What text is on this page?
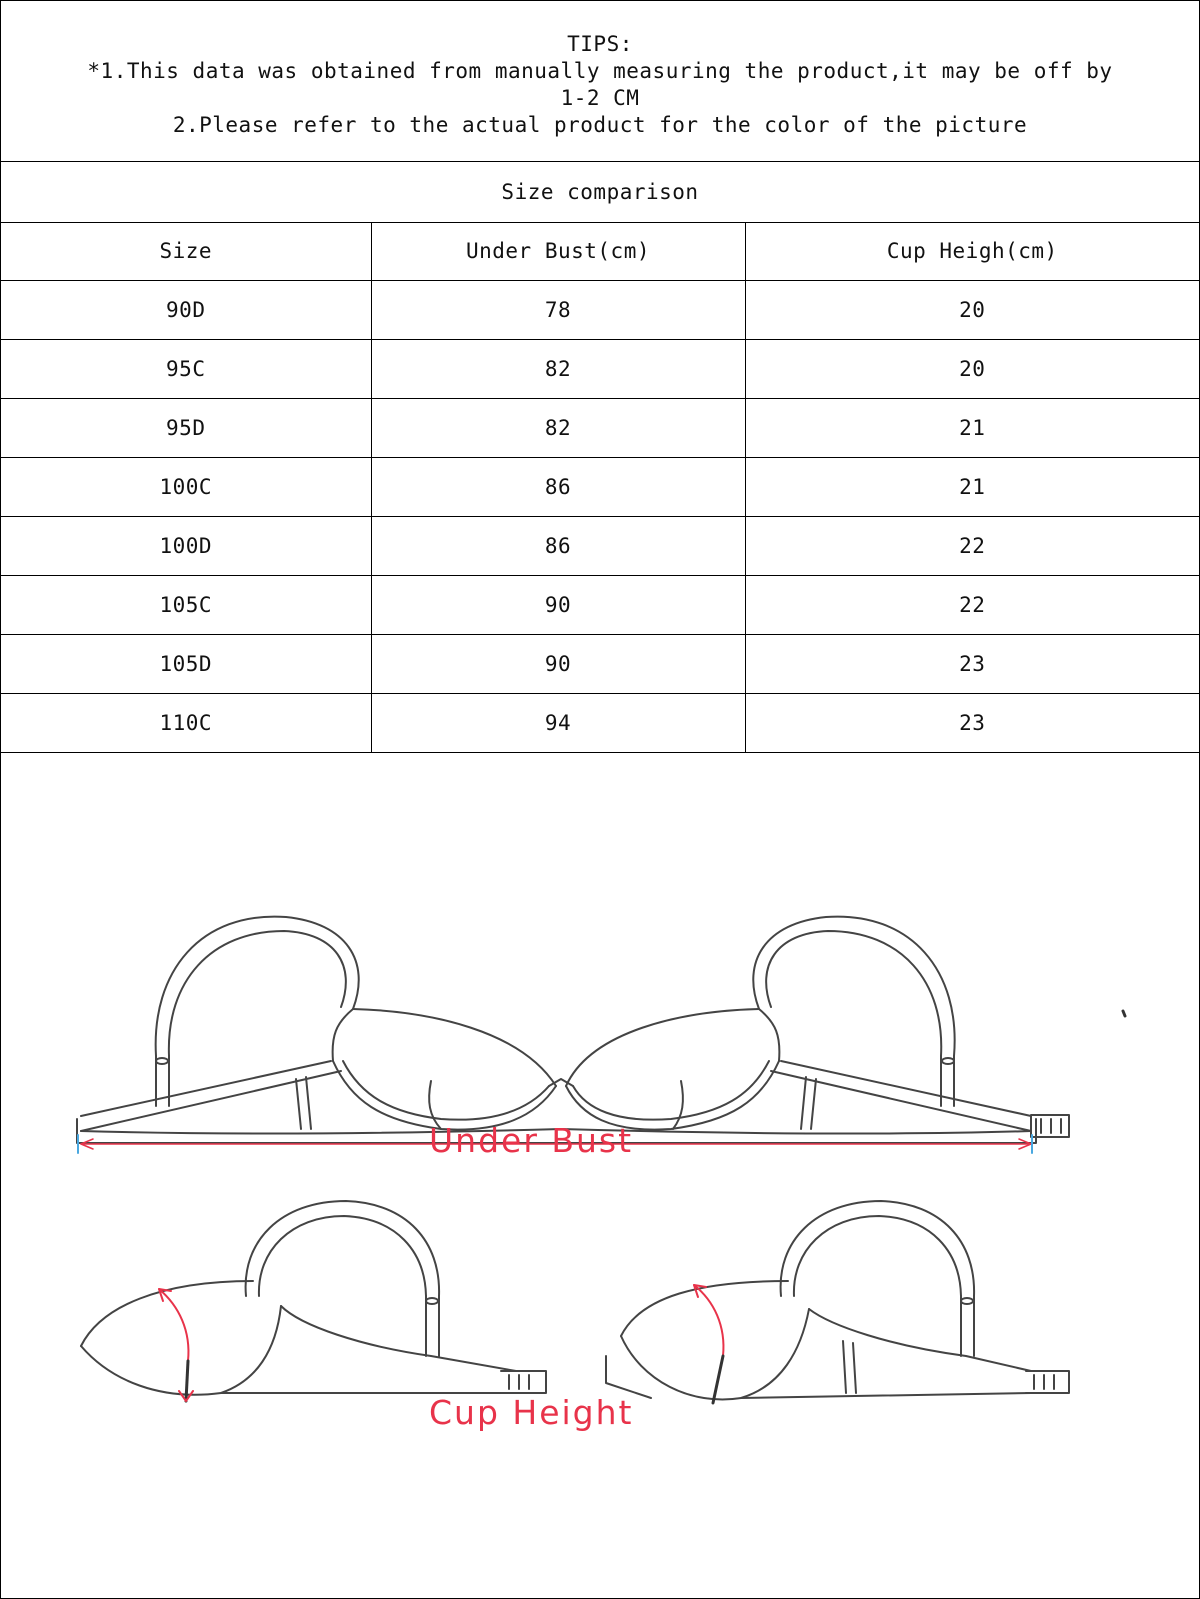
TIPS:
*1.This data was obtained from manually measuring the product,it may be off by
1-2 CM
2.Please refer to the actual product for the color of the picture
Size comparison
Size	Under Bust(cm)	Cup Heigh(cm)
90D	78	20
95C	82	20
95D	82	21
100C	86	21
100D	86	22
105C	90	22
105D	90	23
110C	94	23
Under Bust
Cup Height
